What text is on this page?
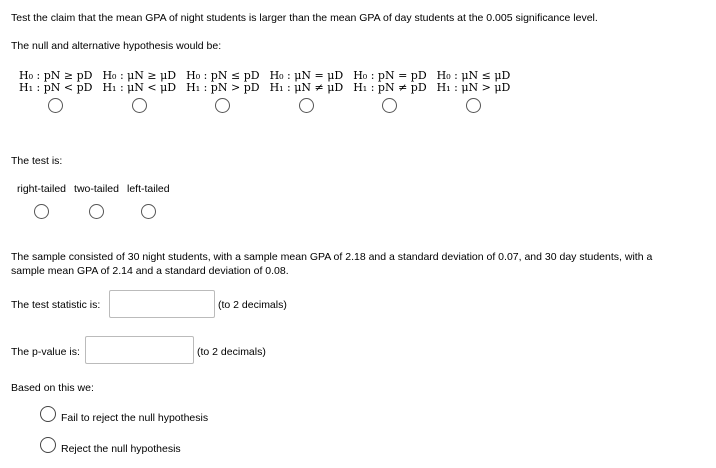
Test the claim that the mean GPA of night students is larger than the mean GPA of day students at the 0.005 significance level.
The null and alternative hypothesis would be:
H₀ : pN ≥ pD
H₁ : pN < pD
H₀ : μN ≥ μD
H₁ : μN < μD
H₀ : pN ≤ pD
H₁ : pN > pD
H₀ : μN = μD
H₁ : μN ≠ μD
H₀ : pN = pD
H₁ : pN ≠ pD
H₀ : μN ≤ μD
H₁ : μN > μD
The test is:
right-tailed two-tailed left-tailed
The sample consisted of 30 night students, with a sample mean GPA of 2.18 and a standard deviation of 0.07, and 30 day students, with a
sample mean GPA of 2.14 and a standard deviation of 0.08.
The test statistic is:	(to 2 decimals)
The p-value is:	(to 2 decimals)
Based on this we:
Fail to reject the null hypothesis
Reject the null hypothesis
